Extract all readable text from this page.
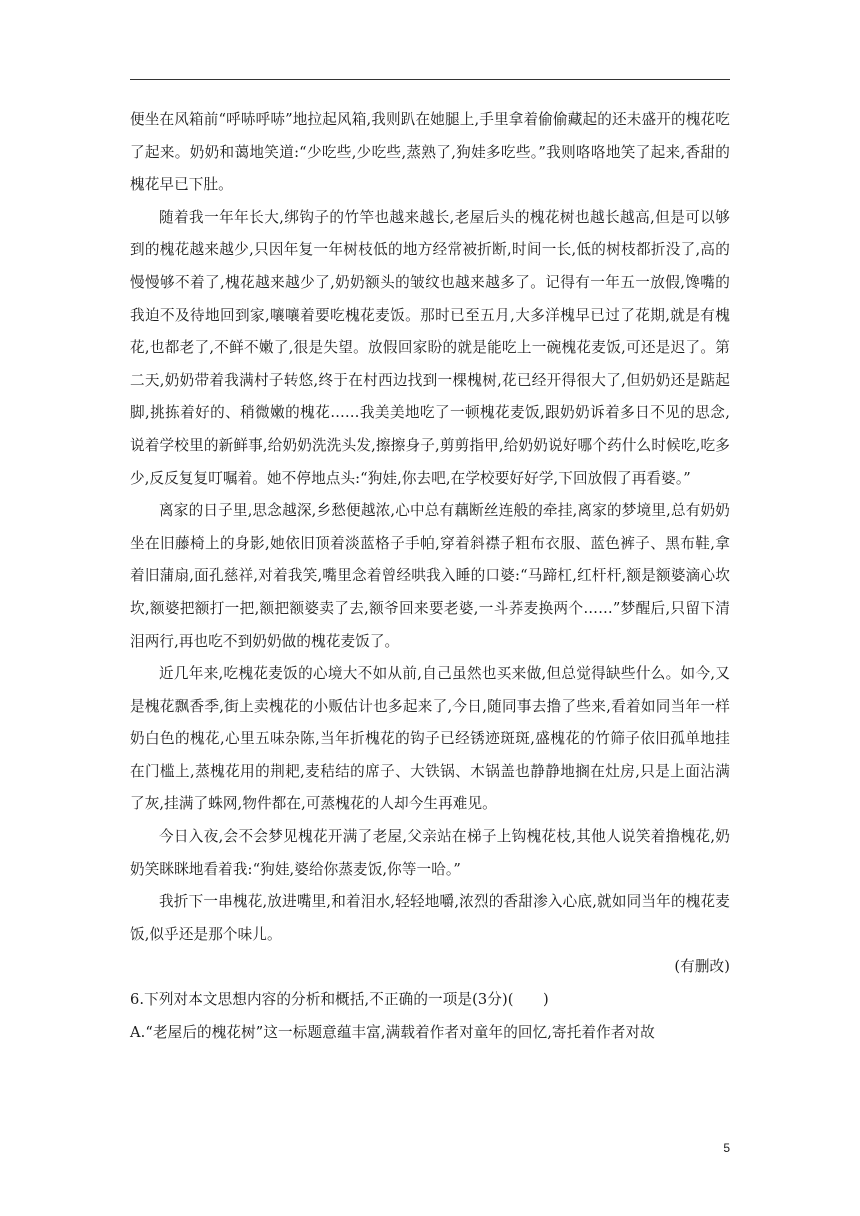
便坐在风箱前“呼哧呼哧”地拉起风箱,我则趴在她腿上,手里拿着偷偷藏起的还未盛开的槐花吃了起来。奶奶和蔼地笑道:“少吃些,少吃些,蒸熟了,狗娃多吃些。”我则咯咯地笑了起来,香甜的槐花早已下肚。

随着我一年年长大,绑钩子的竹竿也越来越长,老屋后头的槐花树也越长越高,但是可以够到的槐花越来越少,只因年复一年树枝低的地方经常被折断,时间一长,低的树枝都折没了,高的慢慢够不着了,槐花越来越少了,奶奶额头的皱纹也越来越多了。记得有一年五一放假,馋嘴的我迫不及待地回到家,嚷嚷着要吃槐花麦饭。那时已至五月,大多洋槐早已过了花期,就是有槐花,也都老了,不鲜不嫩了,很是失望。放假回家盼的就是能吃上一碗槐花麦饭,可还是迟了。第二天,奶奶带着我满村子转悠,终于在村西边找到一棵槐树,花已经开得很大了,但奶奶还是踮起脚,挑拣着好的、稍微嫩的槐花……我美美地吃了一顿槐花麦饭,跟奶奶诉着多日不见的思念,说着学校里的新鲜事,给奶奶洗洗头发,擦擦身子,剪剪指甲,给奶奶说好哪个药什么时候吃,吃多少,反反复复叮嘱着。她不停地点头:“狗娃,你去吧,在学校要好好学,下回放假了再看婆。”

离家的日子里,思念越深,乡愁便越浓,心中总有藕断丝连般的牵挂,离家的梦境里,总有奶奶坐在旧藤椅上的身影,她依旧顶着淡蓝格子手帕,穿着斜襟子粗布衣服、蓝色裤子、黑布鞋,拿着旧蒲扇,面孔慈祥,对着我笑,嘴里念着曾经哄我入睡的口婆:“马蹄杠,红杆杆,额是额婆滴心坎坎,额婆把额打一把,额把额婆卖了去,额爷回来要老婆,一斗荞麦换两个……”梦醒后,只留下清泪两行,再也吃不到奶奶做的槐花麦饭了。

近几年来,吃槐花麦饭的心境大不如从前,自己虽然也买来做,但总觉得缺些什么。如今,又是槐花飘香季,街上卖槐花的小贩估计也多起来了,今日,随同事去撸了些来,看着如同当年一样奶白色的槐花,心里五味杂陈,当年折槐花的钩子已经锈迹斑斑,盛槐花的竹筛子依旧孤单地挂在门槛上,蒸槐花用的荆耙,麦秸结的席子、大铁锅、木锅盖也静静地搁在灶房,只是上面沾满了灰,挂满了蛛网,物件都在,可蒸槐花的人却今生再难见。

今日入夜,会不会梦见槐花开满了老屋,父亲站在梯子上钩槐花枝,其他人说笑着撸槐花,奶奶笑眯眯地看着我:“狗娃,婆给你蒸麦饭,你等一哈。”

我折下一串槐花,放进嘴里,和着泪水,轻轻地嚼,浓烈的香甜渗入心底,就如同当年的槐花麦饭,似乎还是那个味儿。

(有删改)

6.下列对本文思想内容的分析和概括,不正确的一项是(3分)(　　)

A.“老屋后的槐花树”这一标题意蕴丰富,满载着作者对童年的回忆,寄托着作者对故

5
